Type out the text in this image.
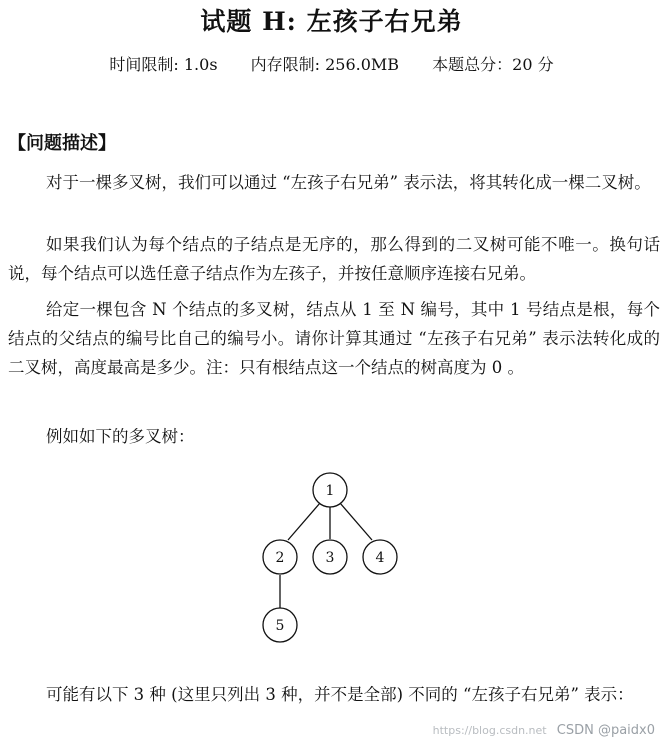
试题 H: 左孩子右兄弟
时间限制: 1.0s 内存限制: 256.0MB 本题总分：20 分
【问题描述】
对于一棵多叉树，我们可以通过 “左孩子右兄弟” 表示法，将其转化成一棵二叉树。
如果我们认为每个结点的子结点是无序的，那么得到的二叉树可能不唯一。换句话说，每个结点可以选任意子结点作为左孩子，并按任意顺序连接右兄弟。
给定一棵包含 N 个结点的多叉树，结点从 1 至 N 编号，其中 1 号结点是根，每个结点的父结点的编号比自己的编号小。请你计算其通过 “左孩子右兄弟” 表示法转化成的二叉树，高度最高是多少。注：只有根结点这一个结点的树高度为 0 。
例如如下的多叉树：
1
2	3	4
5
可能有以下 3 种 (这里只列出 3 种，并不是全部) 不同的 “左孩子右兄弟” 表示：
https://blog.csdn.net CSDN @paidx0
